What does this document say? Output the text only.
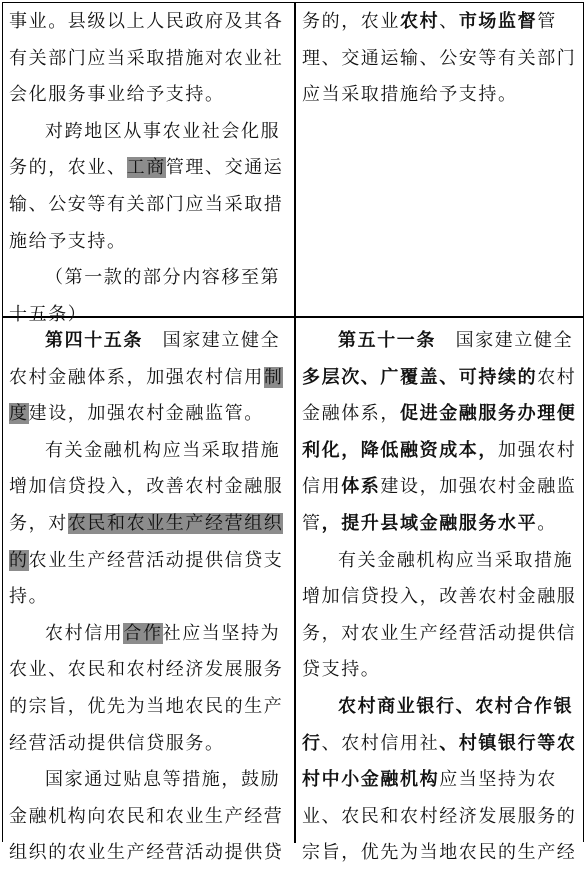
事业。县级以上人民政府及其各有关部门应当采取措施对农业社会化服务事业给予支持。

对跨地区从事农业社会化服务的，农业、工商管理、交通运输、公安等有关部门应当采取措施给予支持。

（第一款的部分内容移至第十五条）

务的，农业农村、市场监督管理、交通运输、公安等有关部门应当采取措施给予支持。

第四十五条　国家建立健全农村金融体系，加强农村信用制度建设，加强农村金融监管。

有关金融机构应当采取措施增加信贷投入，改善农村金融服务，对农民和农业生产经营组织的农业生产经营活动提供信贷支持。

农村信用合作社应当坚持为农业、农民和农村经济发展服务的宗旨，优先为当地农民的生产经营活动提供信贷服务。

国家通过贴息等措施，鼓励金融机构向农民和农业生产经营组织的农业生产经营活动提供贷

第五十一条　国家建立健全多层次、广覆盖、可持续的农村金融体系，促进金融服务办理便利化，降低融资成本，加强农村信用体系建设，加强农村金融监管，提升县域金融服务水平。

有关金融机构应当采取措施增加信贷投入，改善农村金融服务，对农业生产经营活动提供信贷支持。

农村商业银行、农村合作银行、农村信用社、村镇银行等农村中小金融机构应当坚持为农业、农民和农村经济发展服务的宗旨，优先为当地农民的生产经
